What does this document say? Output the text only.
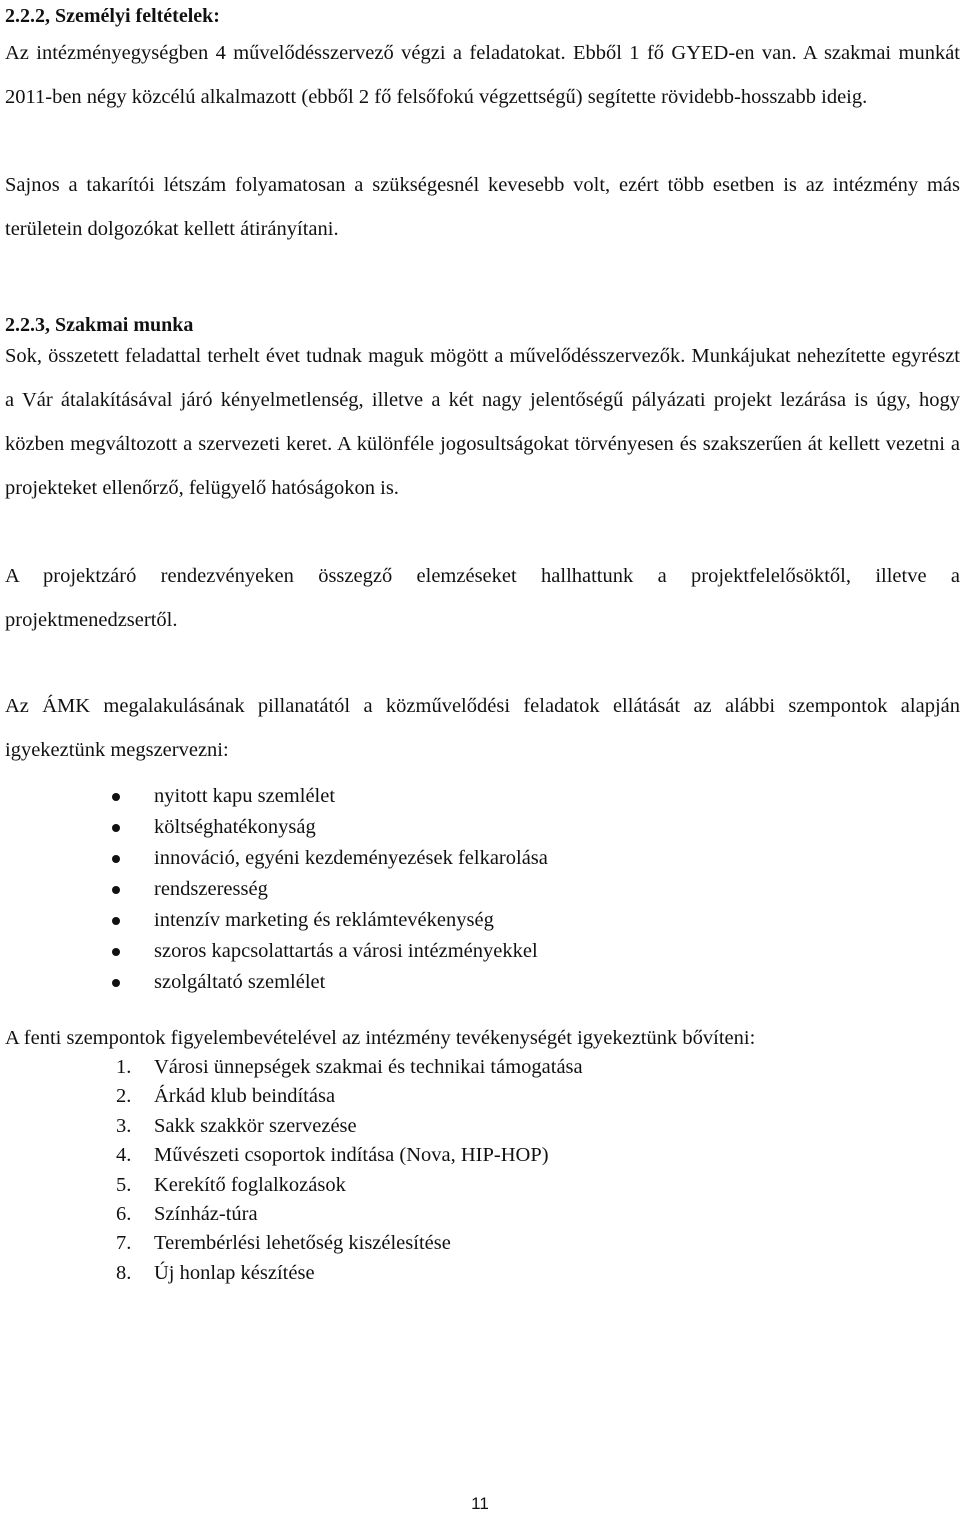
2.2.2, Személyi feltételek:

Az intézményegységben 4 művelődésszervező végzi a feladatokat. Ebből 1 fő GYED-en van. A szakmai munkát 2011-ben négy közcélú alkalmazott (ebből 2 fő felsőfokú végzettségű) segítette rövidebb-hosszabb ideig.

Sajnos a takarítói létszám folyamatosan a szükségesnél kevesebb volt, ezért több esetben is az intézmény más területein dolgozókat kellett átirányítani.

2.2.3, Szakmai munka

Sok, összetett feladattal terhelt évet tudnak maguk mögött a művelődésszervezők. Munkájukat nehezítette egyrészt a Vár átalakításával járó kényelmetlenség, illetve a két nagy jelentőségű pályázati projekt lezárása is úgy, hogy közben megváltozott a szervezeti keret. A különféle jogosultságokat törvényesen és szakszerűen át kellett vezetni a projekteket ellenőrző, felügyelő hatóságokon is.

A projektzáró rendezvényeken összegző elemzéseket hallhattunk a projektfelelősöktől, illetve a projektmenedzsertől.

Az ÁMK megalakulásának pillanatától a közművelődési feladatok ellátását az alábbi szempontok alapján igyekeztünk megszervezni:

nyitott kapu szemlélet
költséghatékonyság
innováció, egyéni kezdeményezések felkarolása
rendszeresség
intenzív marketing és reklámtevékenység
szoros kapcsolattartás a városi intézményekkel
szolgáltató szemlélet
A fenti szempontok figyelembevételével az intézmény tevékenységét igyekeztünk bővíteni:
1. Városi ünnepségek szakmai és technikai támogatása
2. Árkád klub beindítása
3. Sakk szakkör szervezése
4. Művészeti csoportok indítása (Nova, HIP-HOP)
5. Kerekítő foglalkozások
6. Színház-túra
7. Terembérlési lehetőség kiszélesítése
8. Új honlap készítése
11
